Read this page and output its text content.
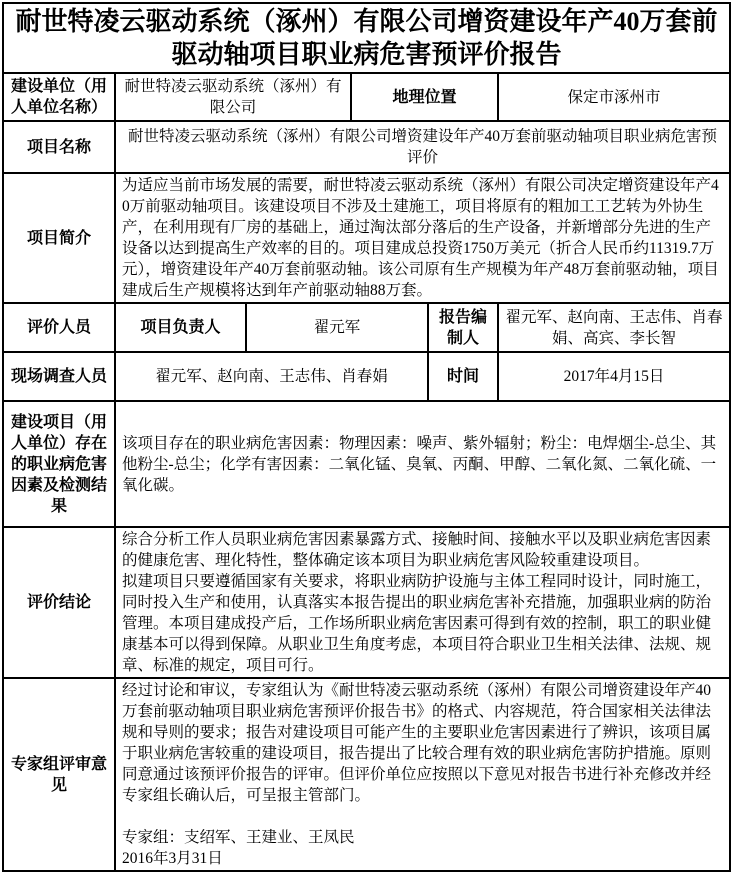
耐世特凌云驱动系统（涿州）有限公司增资建设年产40万套前驱动轴项目职业病危害预评价报告					
建设单位（用人单位名称）	耐世特凌云驱动系统（涿州）有限公司		地理位置		保定市涿州市
项目名称	耐世特凌云驱动系统（涿州）有限公司增资建设年产40万套前驱动轴项目职业病危害预评价				
项目简介	为适应当前市场发展的需要，耐世特凌云驱动系统（涿州）有限公司决定增资建设年产40万前驱动轴项目。该建设项目不涉及土建施工，项目将原有的粗加工工艺转为外协生产，在利用现有厂房的基础上，通过淘汰部分落后的生产设备，并新增部分先进的生产设备以达到提高生产效率的目的。项目建成总投资1750万美元（折合人民币约11319.7万元），增资建设年产40万套前驱动轴。该公司原有生产规模为年产48万套前驱动轴，项目建成后生产规模将达到年产前驱动轴88万套。				
评价人员	项目负责人	翟元军		报告编制人	翟元军、赵向南、王志伟、肖春娟、高宾、李长智
现场调查人员	翟元军、赵向南、王志伟、肖春娟			时间	2017年4月15日
建设项目（用人单位）存在的职业病危害因素及检测结果	该项目存在的职业病危害因素：物理因素：噪声、紫外辐射；粉尘：电焊烟尘-总尘、其他粉尘-总尘；化学有害因素：二氧化锰、臭氧、丙酮、甲醇、二氧化氮、二氧化硫、一氧化碳。				
评价结论	综合分析工作人员职业病危害因素暴露方式、接触时间、接触水平以及职业病危害因素的健康危害、理化特性，整体确定该本项目为职业病危害风险较重建设项目。
拟建项目只要遵循国家有关要求，将职业病防护设施与主体工程同时设计，同时施工，同时投入生产和使用，认真落实本报告提出的职业病危害补充措施，加强职业病的防治管理。本项目建成投产后，工作场所职业病危害因素可得到有效的控制，职工的职业健康基本可以得到保障。从职业卫生角度考虑，本项目符合职业卫生相关法律、法规、规章、标准的规定，项目可行。				

专家组评审意见	经过讨论和审议，专家组认为《耐世特凌云驱动系统（涿州）有限公司增资建设年产40万套前驱动轴项目职业病危害预评价报告书》的格式、内容规范，符合国家相关法律法规和导则的要求；报告对建设项目可能产生的主要职业危害因素进行了辨识，该项目属于职业病危害较重的建设项目，报告提出了比较合理有效的职业病危害防护措施。原则同意通过该预评价报告的评审。但评价单位应按照以下意见对报告书进行补充修改并经专家组长确认后，可呈报主管部门。
专家组：支绍军、王建业、王凤民
2016年3月31日				
